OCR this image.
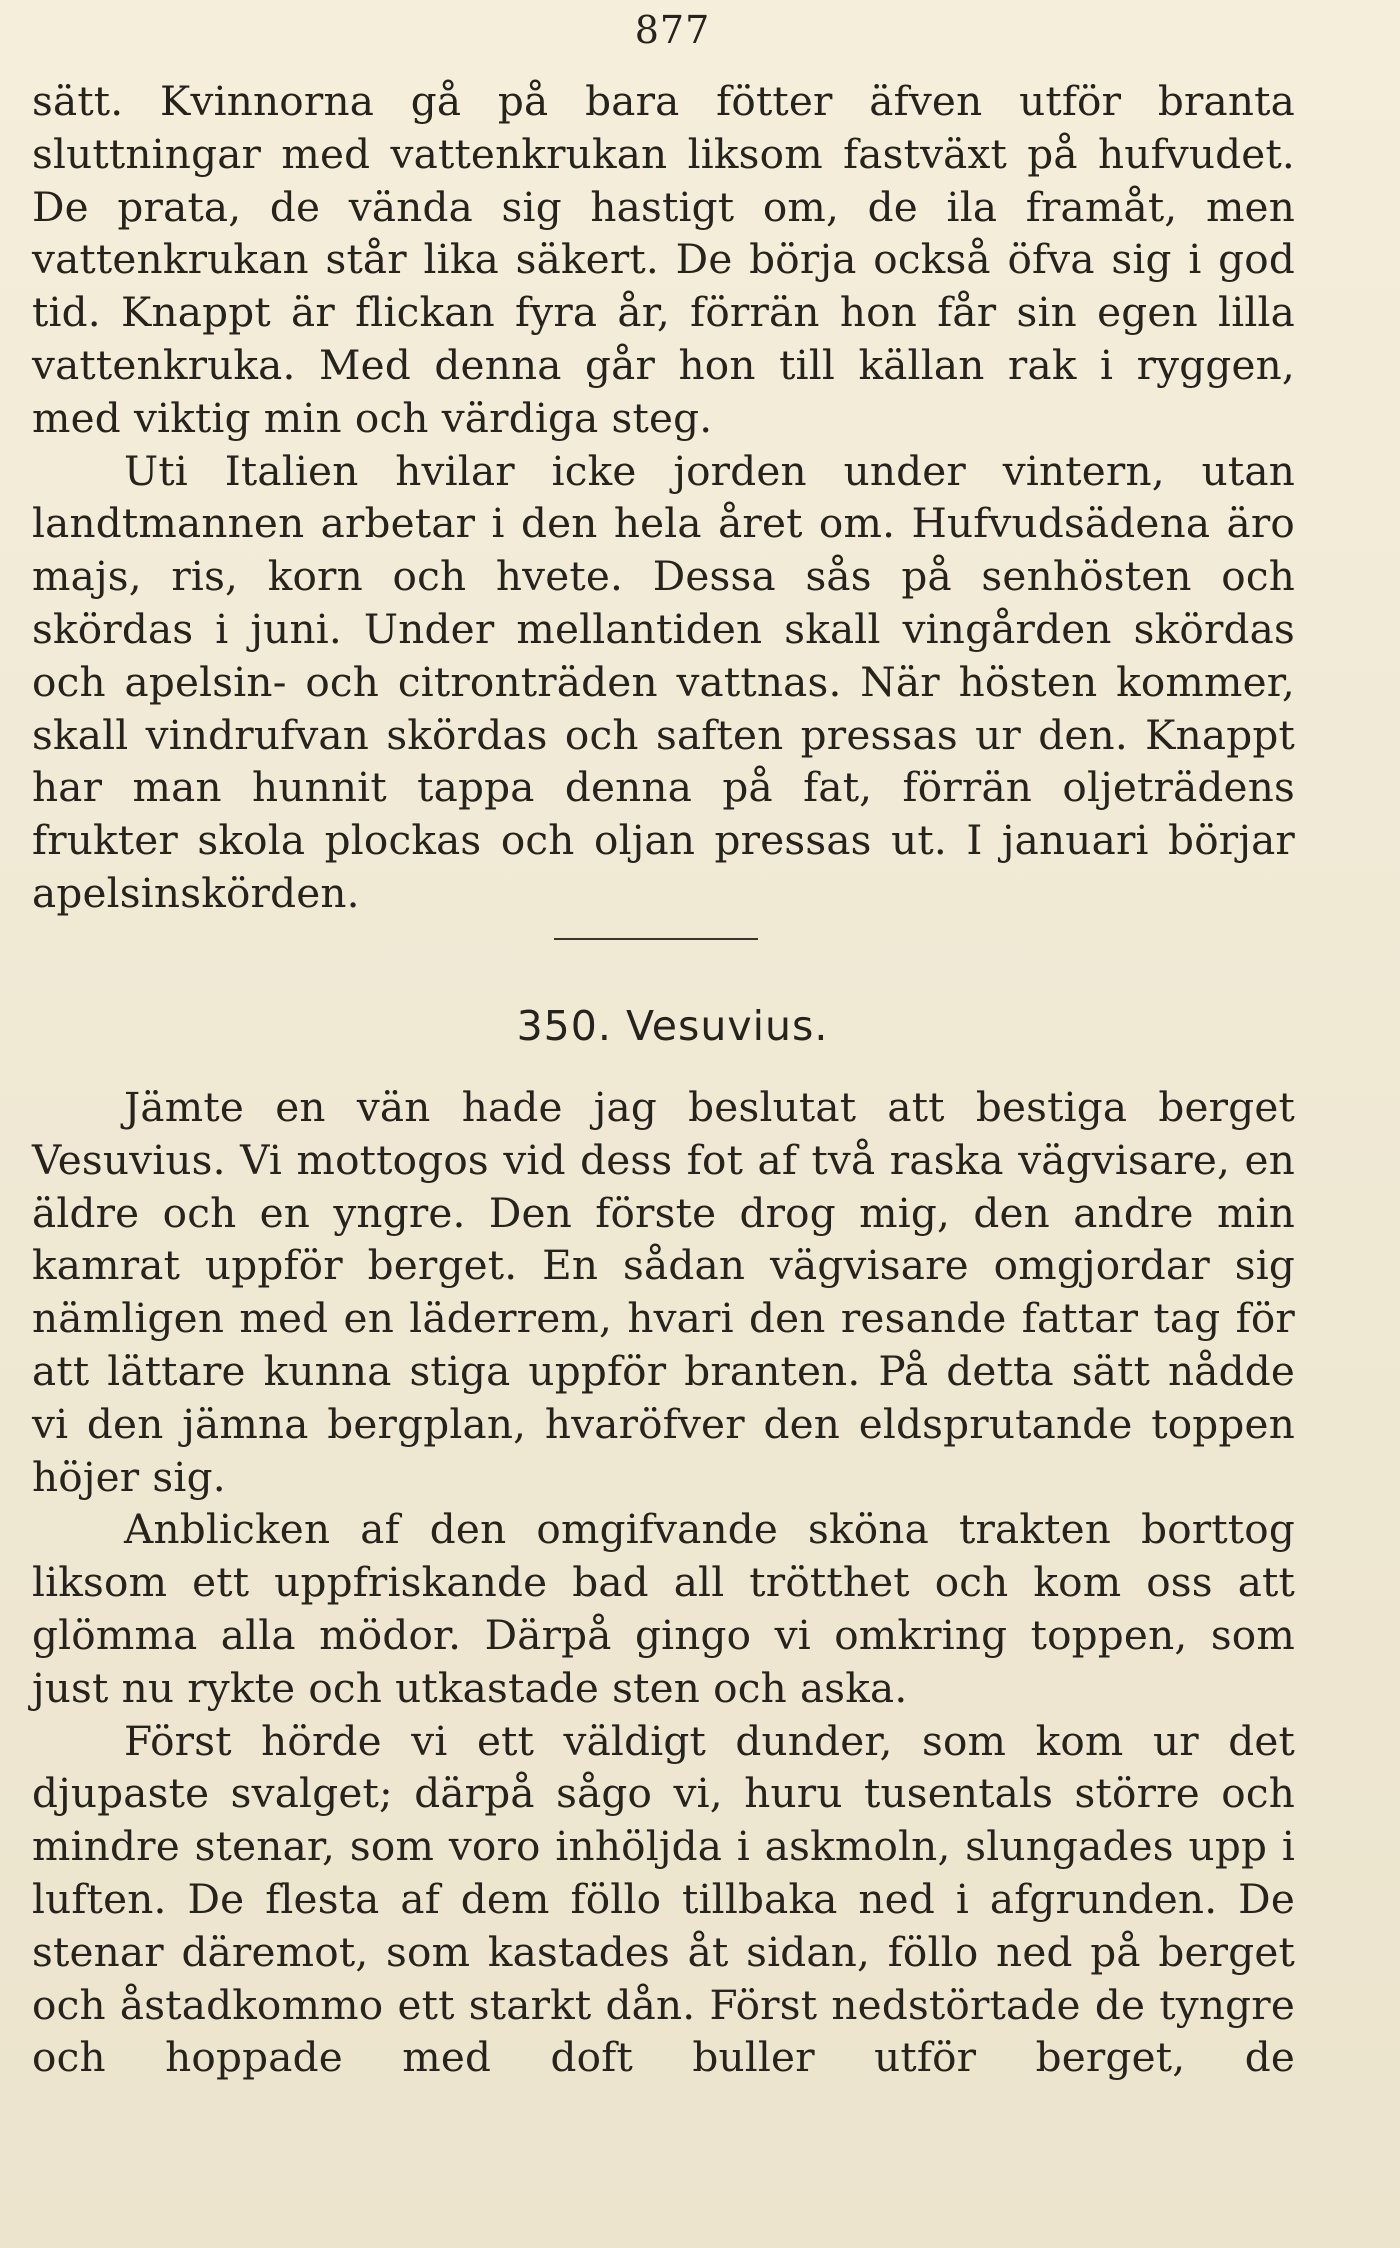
877

sätt. Kvinnorna gå på bara fötter äfven utför branta sluttningar med vattenkrukan liksom fastväxt på hufvudet. De prata, de vända sig hastigt om, de ila framåt, men vattenkrukan står lika säkert. De börja också öfva sig i god tid. Knappt är flickan fyra år, förrän hon får sin egen lilla vattenkruka. Med denna går hon till källan rak i ryggen, med viktig min och värdiga steg.

Uti Italien hvilar icke jorden under vintern, utan landtmannen arbetar i den hela året om. Hufvudsädena äro majs, ris, korn och hvete. Dessa sås på senhösten och skördas i juni. Under mellantiden skall vingården skördas och apelsin- och citronträden vattnas. När hösten kommer, skall vindrufvan skördas och saften pressas ur den. Knappt har man hunnit tappa denna på fat, förrän oljeträdens frukter skola plockas och oljan pressas ut. I januari börjar apelsinskörden.

350. Vesuvius.

Jämte en vän hade jag beslutat att bestiga berget Vesuvius. Vi mottogos vid dess fot af två raska vägvisare, en äldre och en yngre. Den förste drog mig, den andre min kamrat uppför berget. En sådan vägvisare omgjordar sig nämligen med en läderrem, hvari den resande fattar tag för att lättare kunna stiga uppför branten. På detta sätt nådde vi den jämna bergplan, hvaröfver den eldsprutande toppen höjer sig.

Anblicken af den omgifvande sköna trakten borttog liksom ett uppfriskande bad all trötthet och kom oss att glömma alla mödor. Därpå gingo vi omkring toppen, som just nu rykte och utkastade sten och aska.

Först hörde vi ett väldigt dunder, som kom ur det djupaste svalget; därpå sågo vi, huru tusentals större och mindre stenar, som voro inhöljda i askmoln, slungades upp i luften. De flesta af dem föllo tillbaka ned i afgrunden. De stenar däremot, som kastades åt sidan, föllo ned på berget och åstadkommo ett starkt dån. Först nedstörtade de tyngre och hoppade med doft buller utför berget, de
